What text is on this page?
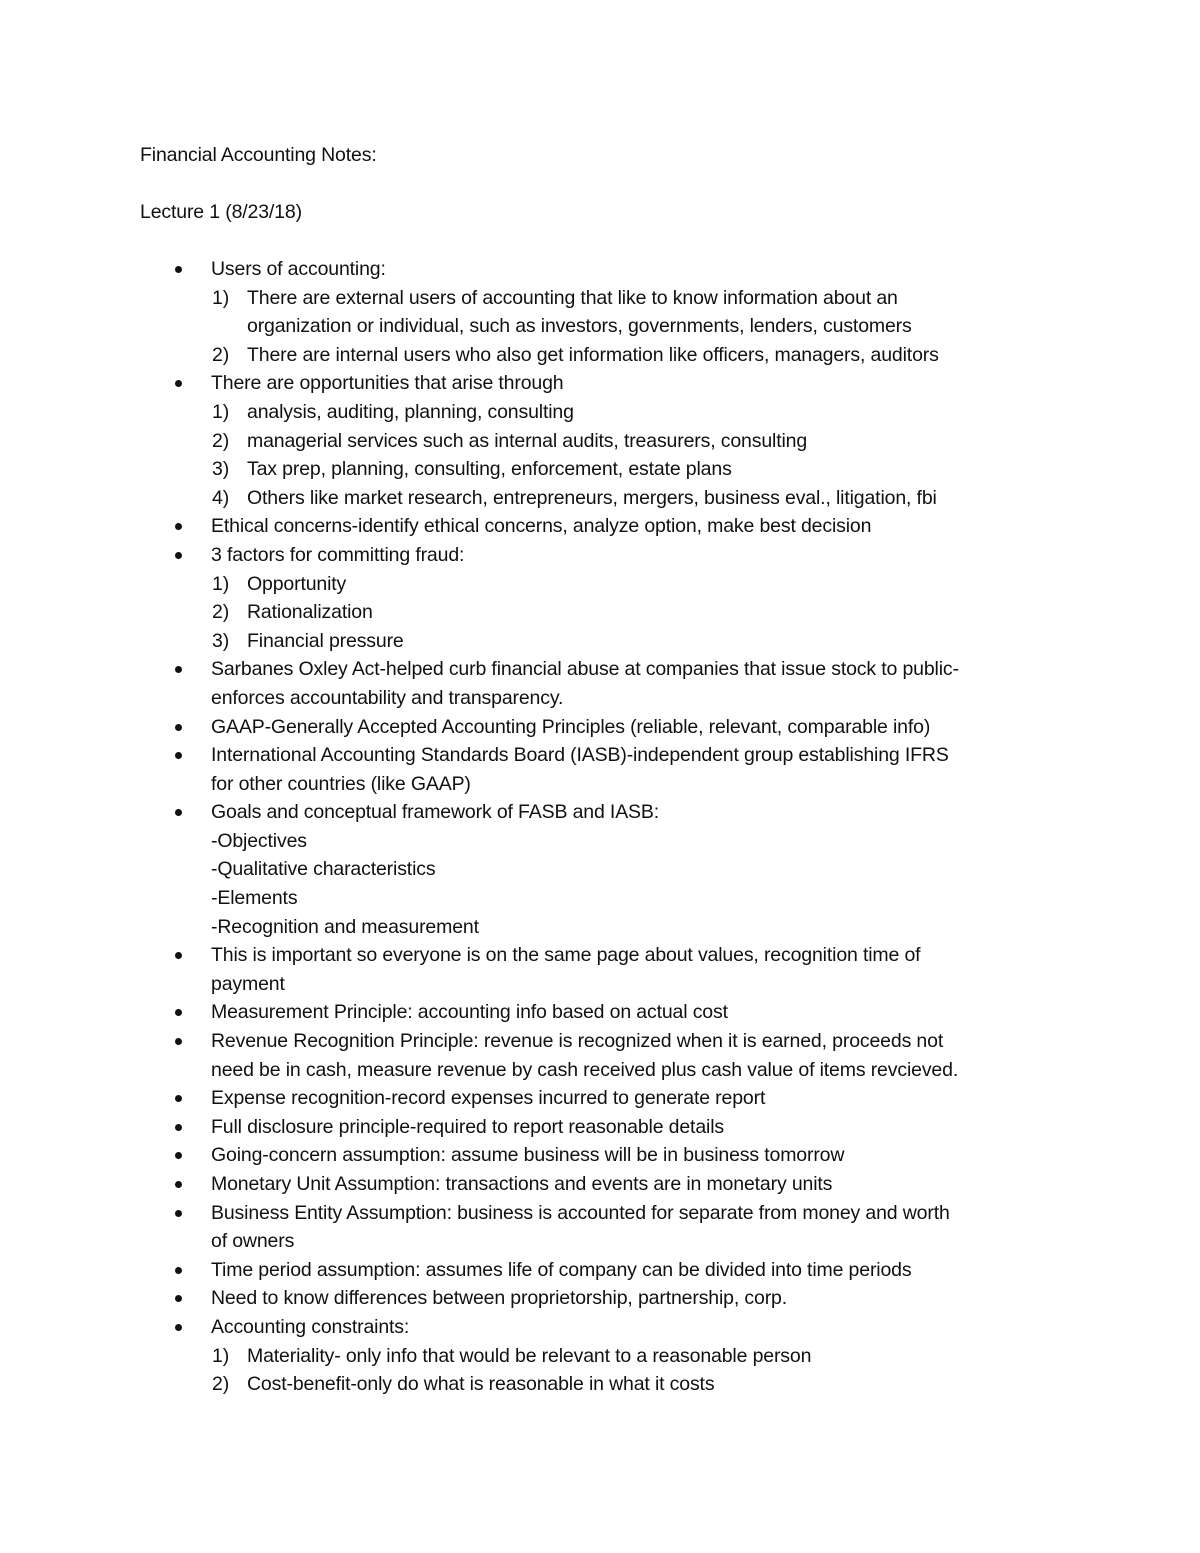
Financial Accounting Notes:
Lecture 1 (8/23/18)
Users of accounting:
1) There are external users of accounting that like to know information about an
organization or individual, such as investors, governments, lenders, customers
2) There are internal users who also get information like officers, managers, auditors
There are opportunities that arise through
1) analysis, auditing, planning, consulting
2) managerial services such as internal audits, treasurers, consulting
3) Tax prep, planning, consulting, enforcement, estate plans
4) Others like market research, entrepreneurs, mergers, business eval., litigation, fbi
Ethical concerns-identify ethical concerns, analyze option, make best decision
3 factors for committing fraud:
1) Opportunity
2) Rationalization
3) Financial pressure
Sarbanes Oxley Act-helped curb financial abuse at companies that issue stock to public-
enforces accountability and transparency.
GAAP-Generally Accepted Accounting Principles (reliable, relevant, comparable info)
International Accounting Standards Board (IASB)-independent group establishing IFRS
for other countries (like GAAP)
Goals and conceptual framework of FASB and IASB:
-Objectives
-Qualitative characteristics
-Elements
-Recognition and measurement
This is important so everyone is on the same page about values, recognition time of
payment
Measurement Principle: accounting info based on actual cost
Revenue Recognition Principle: revenue is recognized when it is earned, proceeds not
need be in cash, measure revenue by cash received plus cash value of items revcieved.
Expense recognition-record expenses incurred to generate report
Full disclosure principle-required to report reasonable details
Going-concern assumption: assume business will be in business tomorrow
Monetary Unit Assumption: transactions and events are in monetary units
Business Entity Assumption: business is accounted for separate from money and worth
of owners
Time period assumption: assumes life of company can be divided into time periods
Need to know differences between proprietorship, partnership, corp.
Accounting constraints:
1) Materiality- only info that would be relevant to a reasonable person
2) Cost-benefit-only do what is reasonable in what it costs
